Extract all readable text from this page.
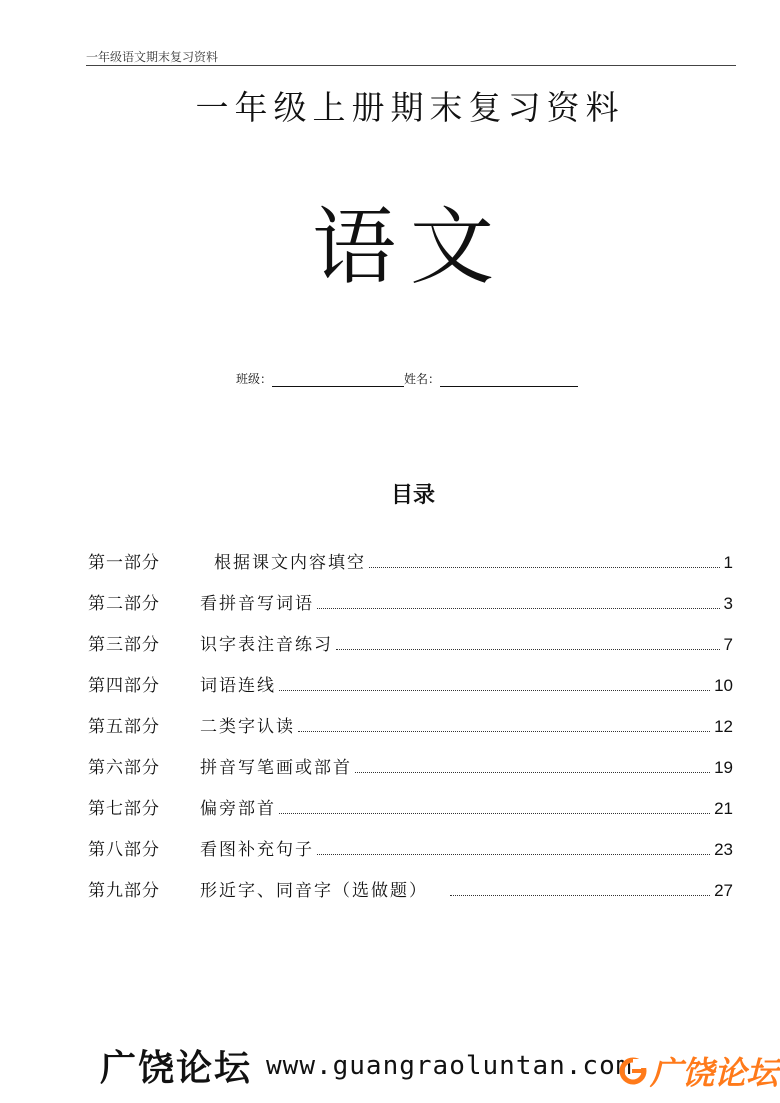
一年级语文期末复习资料
一年级上册期末复习资料
语文
班级：	姓名：
目录
第一部分	根据课文内容填空	1
第二部分	看拼音写词语	3
第三部分	识字表注音练习	7
第四部分	词语连线	10
第五部分	二类字认读	12
第六部分	拼音写笔画或部首	19
第七部分	偏旁部首	21
第八部分	看图补充句子	23
第九部分	形近字、同音字（选做题）	27
广饶论坛 www.guangraoluntan.com 广饶论坛
